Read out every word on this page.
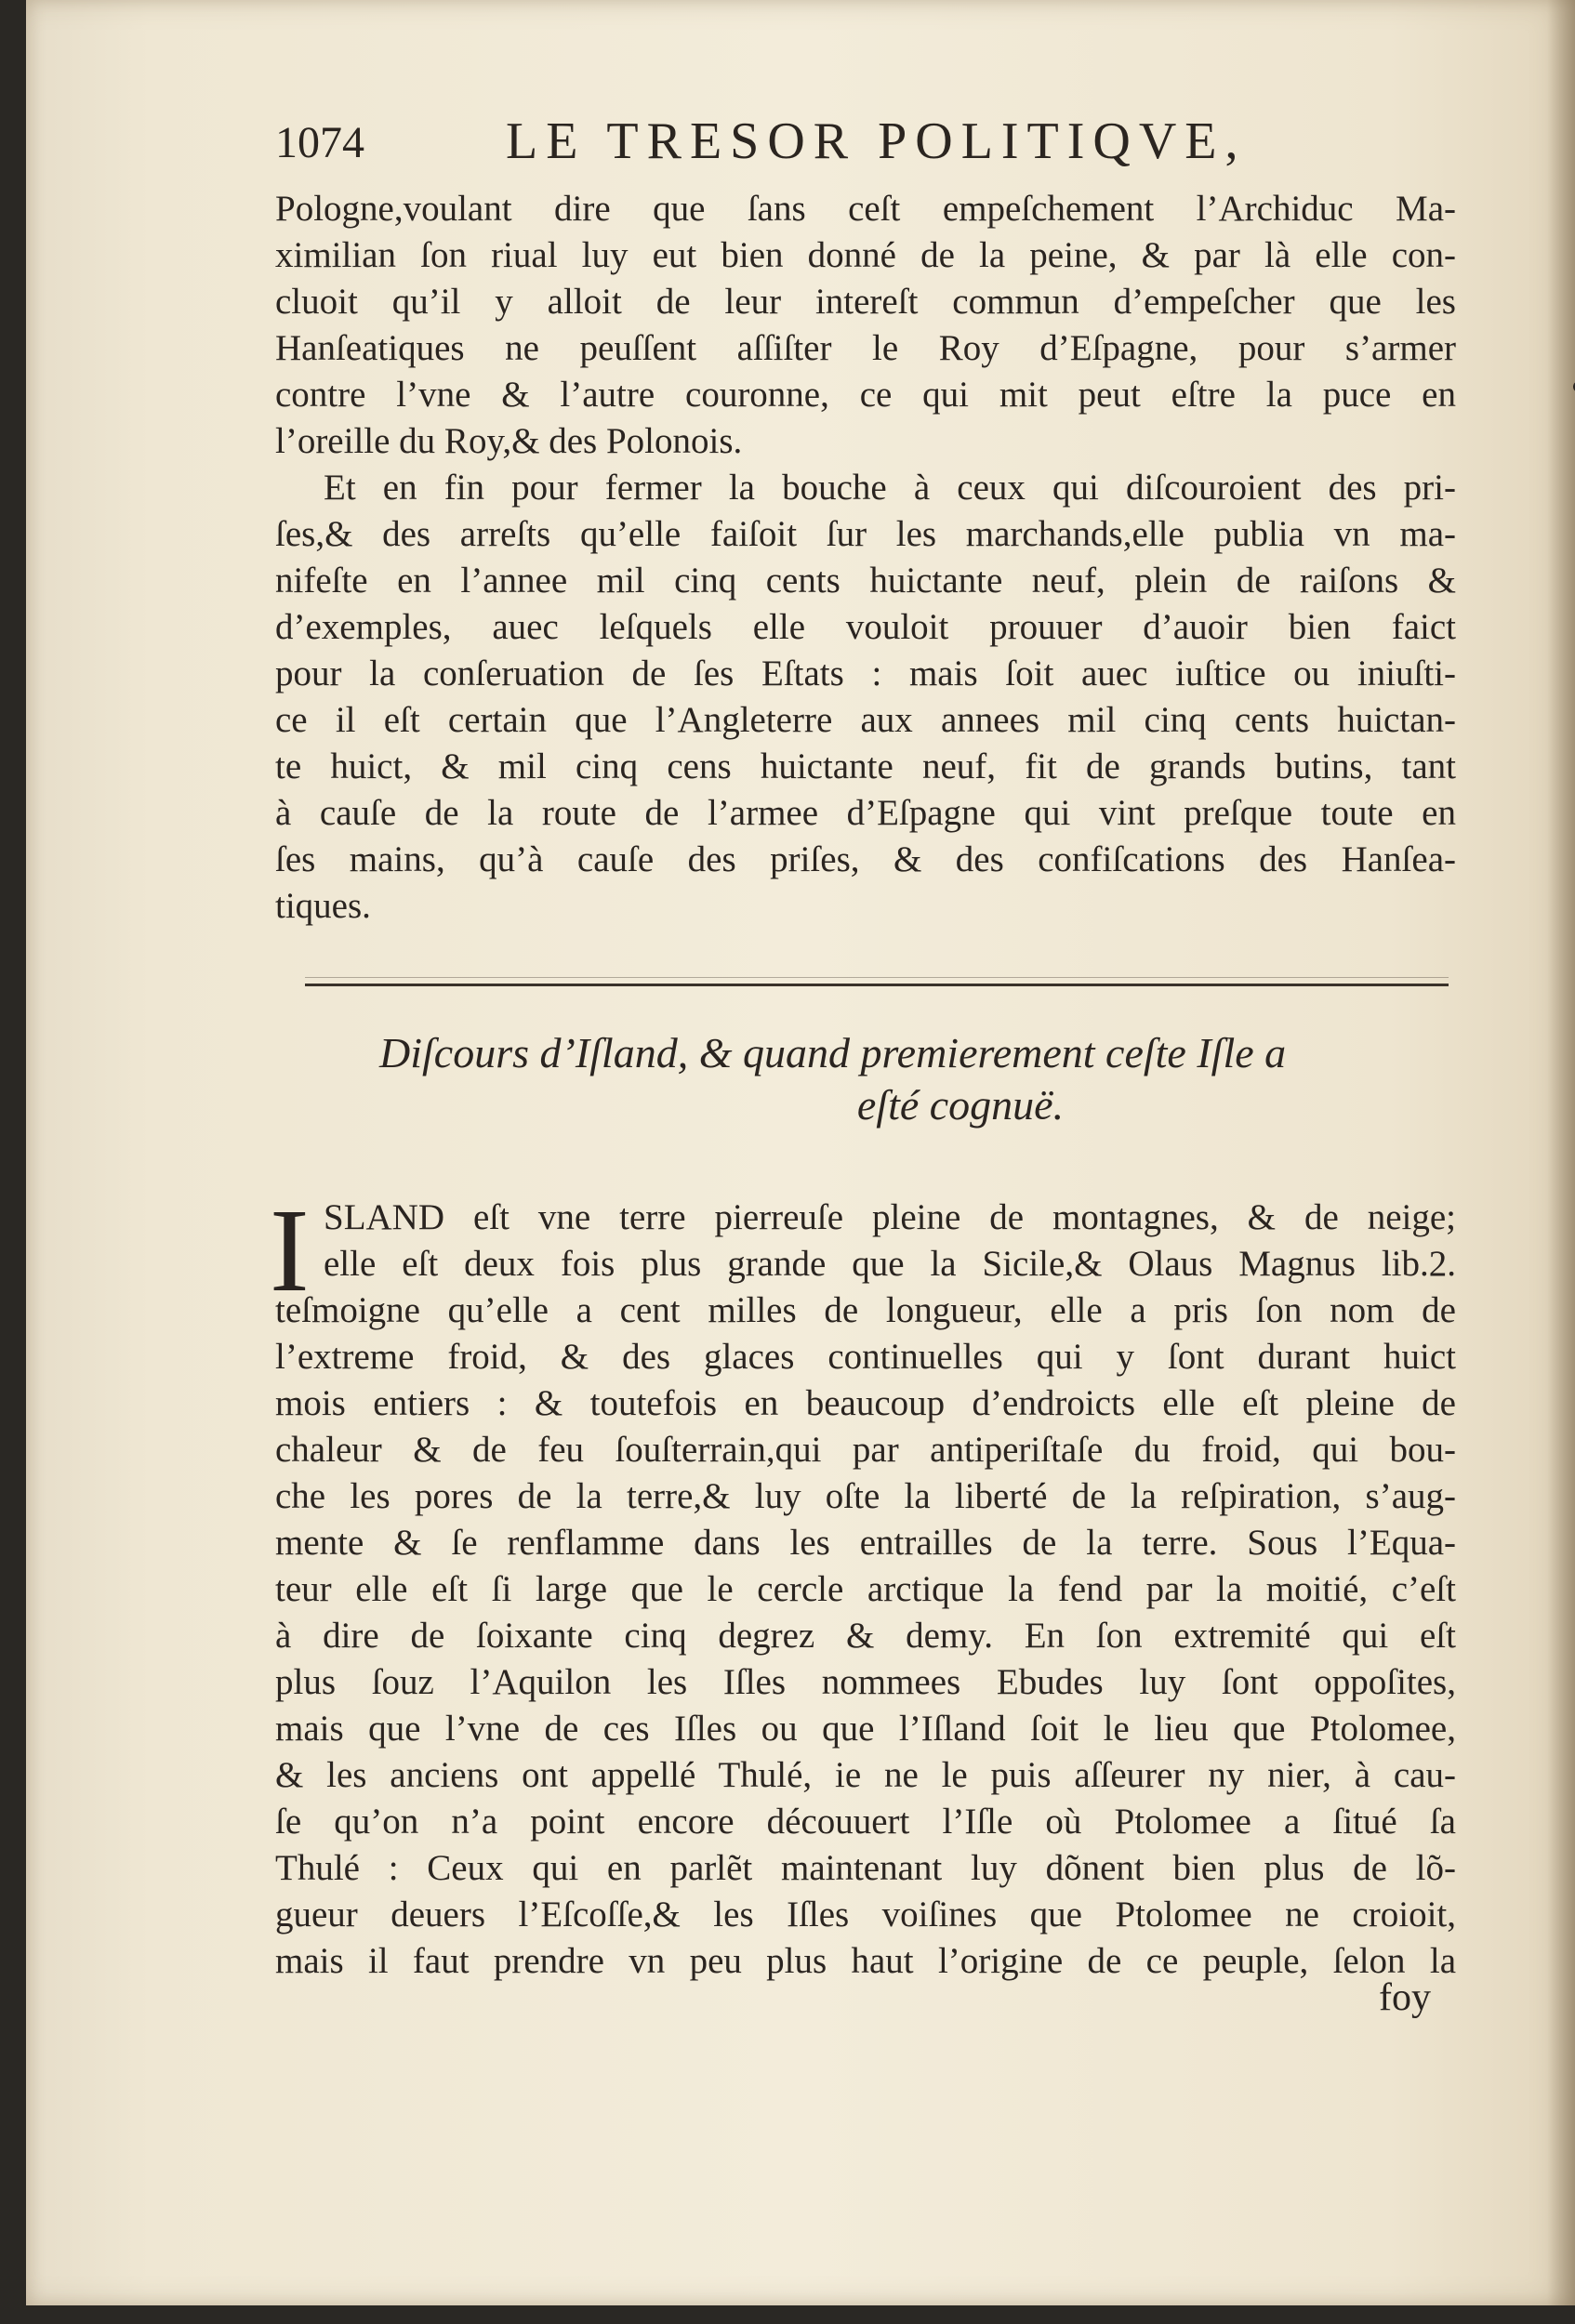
1074	LE TRESOR POLITIQVE,
Pologne,voulant dire que ſans ceſt empeſchement l’Archiduc Ma-
ximilian ſon riual luy eut bien donné de la peine, & par là elle con-
cluoit qu’il y alloit de leur intereſt commun d’empeſcher que les
Hanſeatiques ne peuſſent aſſiſter le Roy d’Eſpagne, pour s’armer
contre l’vne & l’autre couronne, ce qui mit peut eſtre la puce en
l’oreille du Roy,& des Polonois.
Et en fin pour fermer la bouche à ceux qui diſcouroient des pri-
ſes,& des arreſts qu’elle faiſoit ſur les marchands,elle publia vn ma-
nifeſte en l’annee mil cinq cents huictante neuf, plein de raiſons &
d’exemples, auec leſquels elle vouloit prouuer d’auoir bien faict
pour la conſeruation de ſes Eſtats : mais ſoit auec iuſtice ou iniuſti-
ce il eſt certain que l’Angleterre aux annees mil cinq cents huictan-
te huict, & mil cinq cens huictante neuf, fit de grands butins, tant
à cauſe de la route de l’armee d’Eſpagne qui vint preſque toute en
ſes mains, qu’à cauſe des priſes, & des confiſcations des Hanſea-
tiques.
Diſcours d’Iſland, & quand premierement ceſte Iſle a
eſté cognuë.
I SLAND eſt vne terre pierreuſe pleine de montagnes, & de neige;
elle eſt deux fois plus grande que la Sicile,& Olaus Magnus lib.2.
teſmoigne qu’elle a cent milles de longueur, elle a pris ſon nom de
l’extreme froid, & des glaces continuelles qui y ſont durant huict
mois entiers : & toutefois en beaucoup d’endroicts elle eſt pleine de
chaleur & de feu ſouſterrain,qui par antiperiſtaſe du froid, qui bou-
che les pores de la terre,& luy oſte la liberté de la reſpiration, s’aug-
mente & ſe renflamme dans les entrailles de la terre. Sous l’Equa-
teur elle eſt ſi large que le cercle arctique la fend par la moitié, c’eſt
à dire de ſoixante cinq degrez & demy. En ſon extremité qui eſt
plus ſouz l’Aquilon les Iſles nommees Ebudes luy ſont oppoſites,
mais que l’vne de ces Iſles ou que l’Iſland ſoit le lieu que Ptolomee,
& les anciens ont appellé Thulé, ie ne le puis aſſeurer ny nier, à cau-
ſe qu’on n’a point encore découuert l’Iſle où Ptolomee a ſitué ſa
Thulé : Ceux qui en parlẽt maintenant luy dõnent bien plus de lõ-
gueur deuers l’Eſcoſſe,& les Iſles voiſines que Ptolomee ne croioit,
mais il faut prendre vn peu plus haut l’origine de ce peuple, ſelon la
foy
